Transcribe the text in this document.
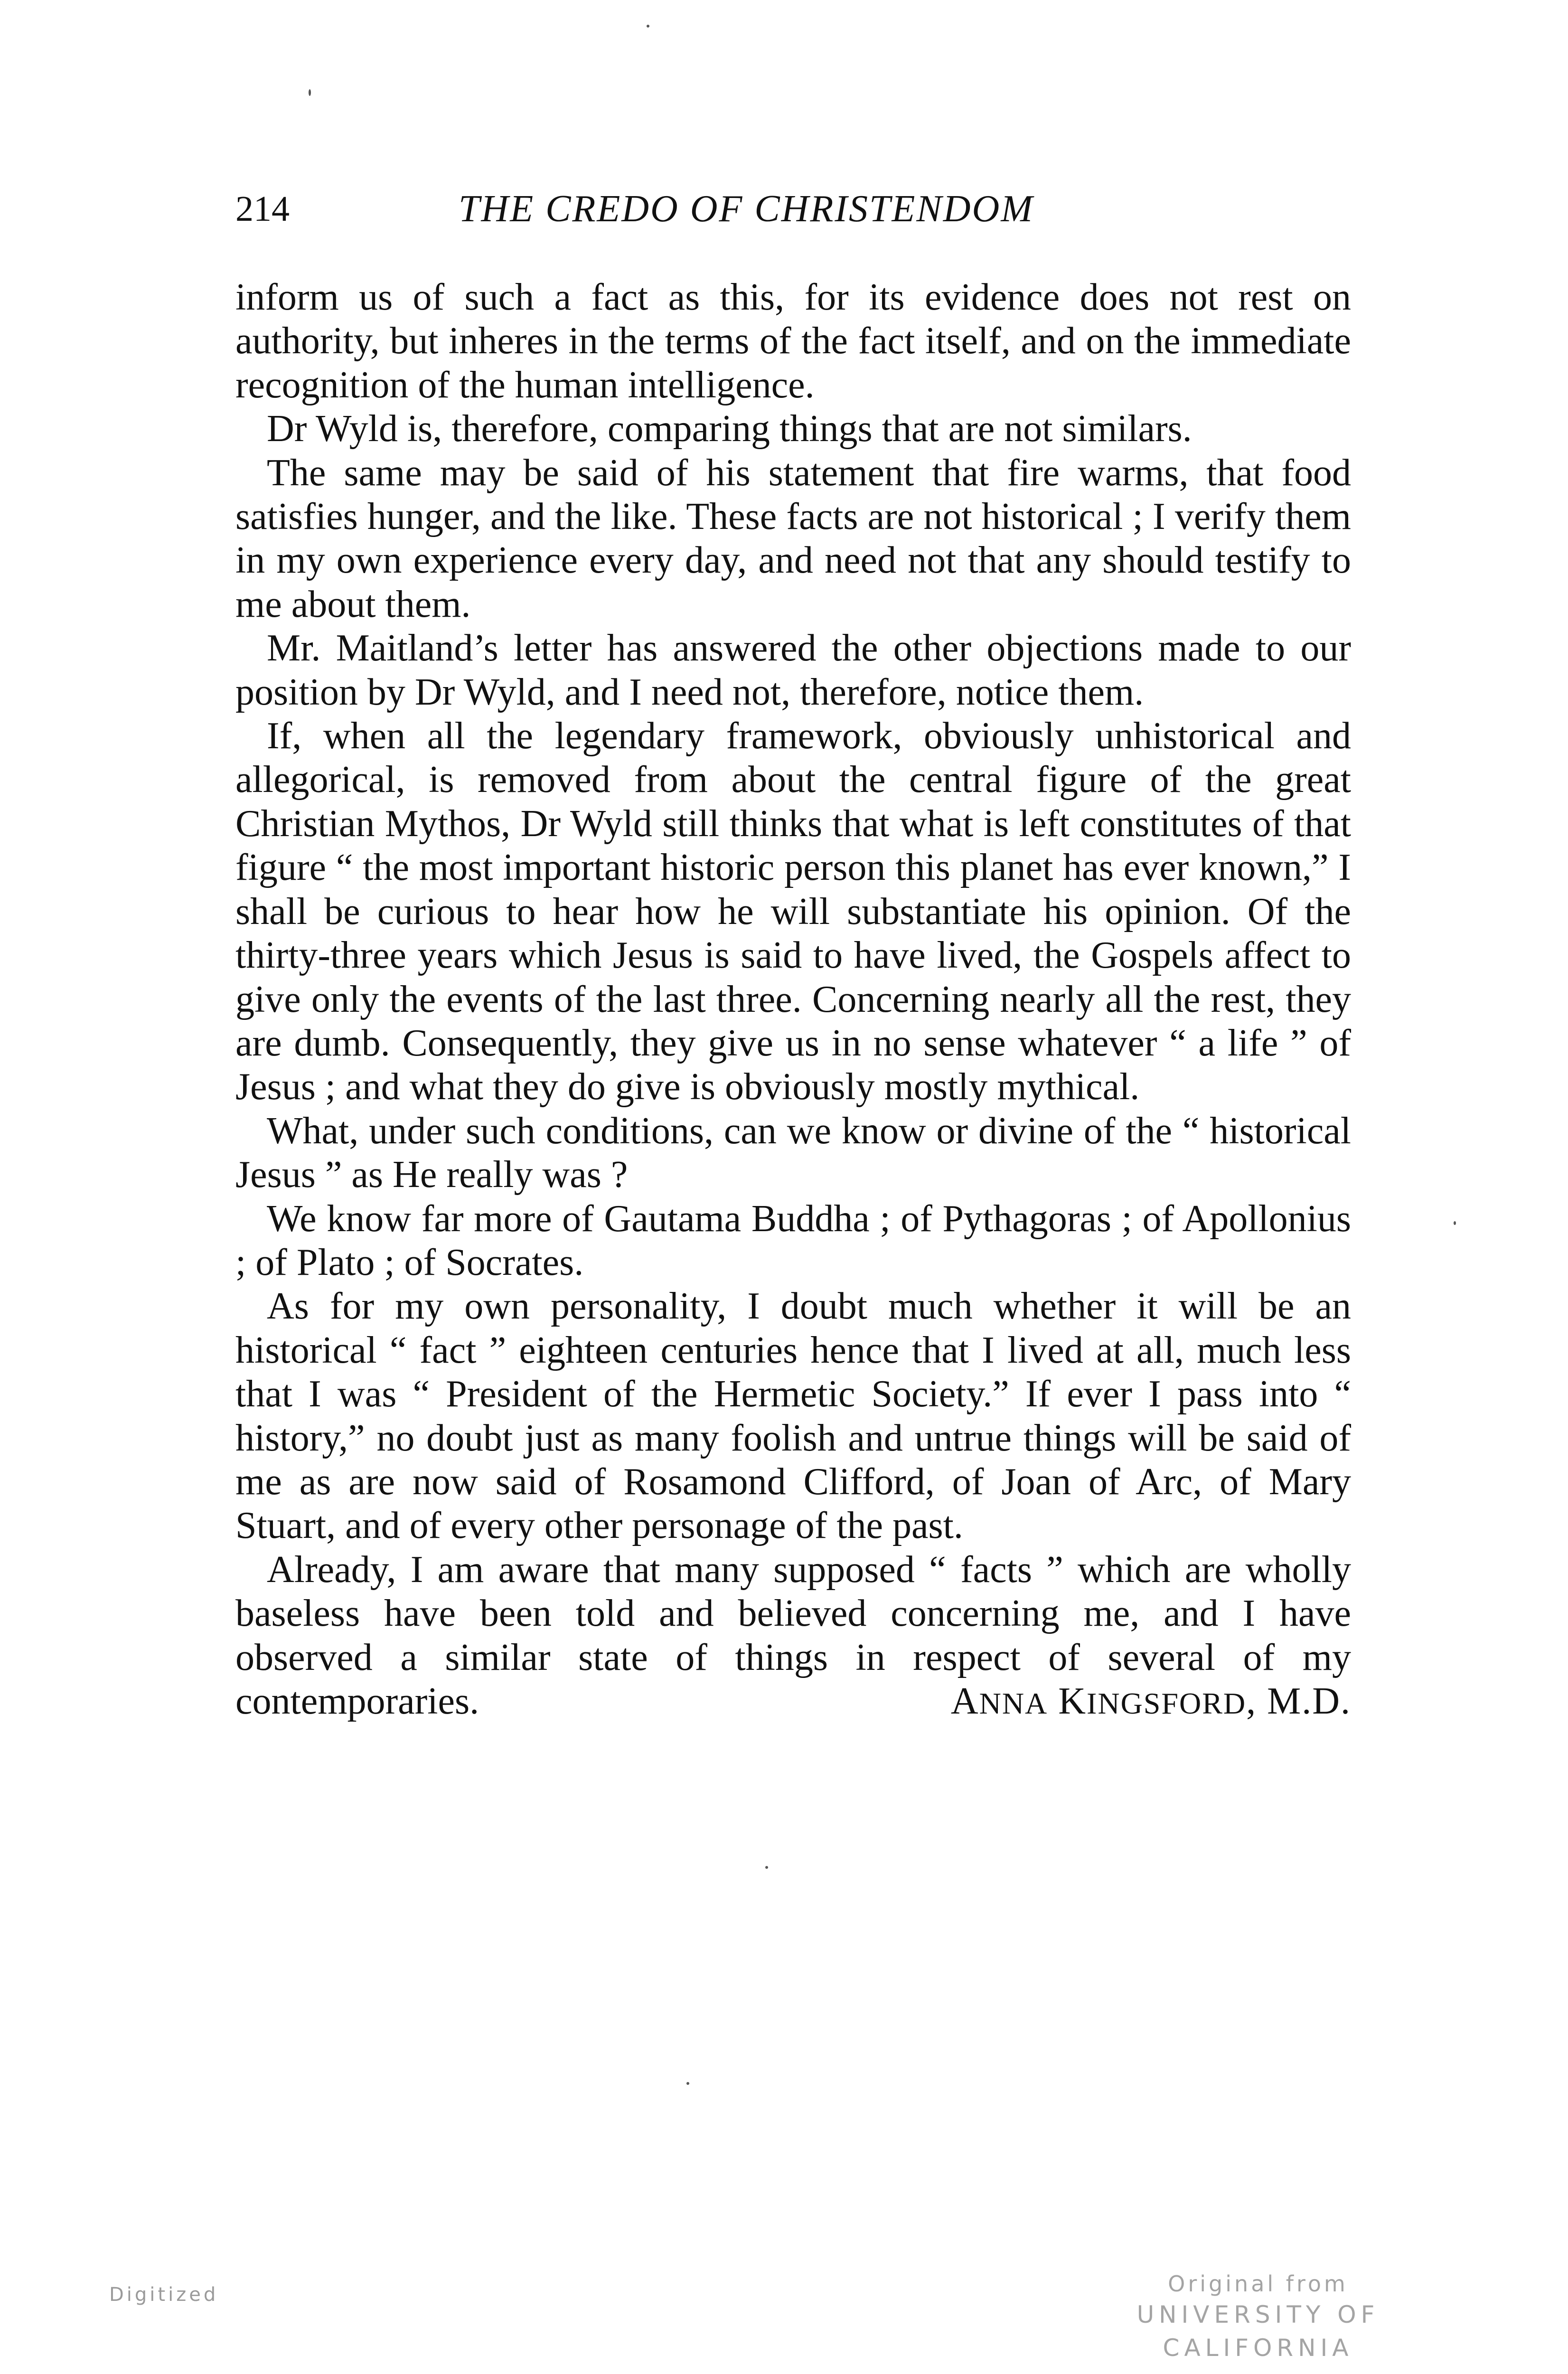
214	THE CREDO OF CHRISTENDOM

inform us of such a fact as this, for its evidence does not rest on authority, but inheres in the terms of the fact itself, and on the immediate recognition of the human intelligence.

Dr Wyld is, therefore, comparing things that are not similars.

The same may be said of his statement that fire warms, that food satisfies hunger, and the like. These facts are not historical ; I verify them in my own experience every day, and need not that any should testify to me about them.

Mr. Maitland’s letter has answered the other objections made to our position by Dr Wyld, and I need not, therefore, notice them.

If, when all the legendary framework, obviously unhistorical and allegorical, is removed from about the central figure of the great Christian Mythos, Dr Wyld still thinks that what is left constitutes of that figure “ the most important historic person this planet has ever known,” I shall be curious to hear how he will substantiate his opinion. Of the thirty-three years which Jesus is said to have lived, the Gospels affect to give only the events of the last three. Concerning nearly all the rest, they are dumb. Consequently, they give us in no sense whatever “ a life ” of Jesus ; and what they do give is obviously mostly mythical.

What, under such conditions, can we know or divine of the “ historical Jesus ” as He really was ?

We know far more of Gautama Buddha ; of Pythagoras ; of Apollonius ; of Plato ; of Socrates.

As for my own personality, I doubt much whether it will be an historical “ fact ” eighteen centuries hence that I lived at all, much less that I was “ President of the Hermetic Society.” If ever I pass into “ history,” no doubt just as many foolish and untrue things will be said of me as are now said of Rosamond Clifford, of Joan of Arc, of Mary Stuart, and of every other personage of the past.

Already, I am aware that many supposed “ facts ” which are wholly baseless have been told and believed concerning me, and I have observed a similar state of things in respect of several of my contemporaries.	ANNA KINGSFORD, M.D.

Digitized	Original from
UNIVERSITY OF CALIFORNIA
